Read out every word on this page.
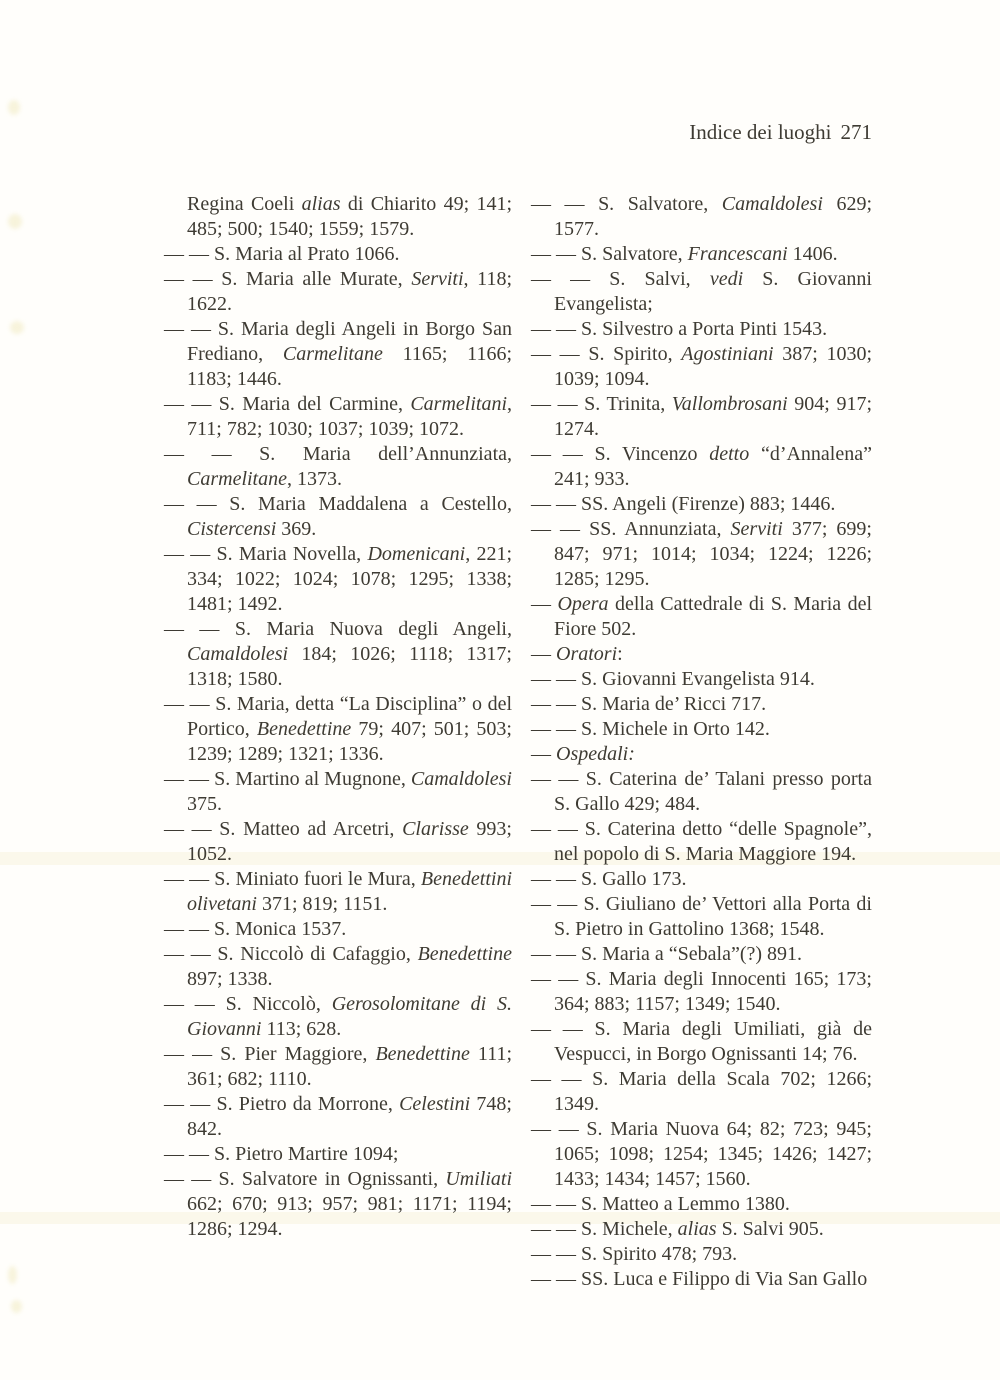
Indice dei luoghi 271

Regina Coeli alias di Chiarito 49; 141; 485; 500; 1540; 1559; 1579.

— — S. Maria al Prato 1066.

— — S. Maria alle Murate, Serviti, 118; 1622.

— — S. Maria degli Angeli in Borgo San Frediano, Carmelitane 1165; 1166; 1183; 1446.

— — S. Maria del Carmine, Carmelitani, 711; 782; 1030; 1037; 1039; 1072.

— — S. Maria dell’Annunziata, Carmelitane, 1373.

— — S. Maria Maddalena a Cestello, Cistercensi 369.

— — S. Maria Novella, Domenicani, 221; 334; 1022; 1024; 1078; 1295; 1338; 1481; 1492.

— — S. Maria Nuova degli Angeli, Camaldolesi 184; 1026; 1118; 1317; 1318; 1580.

— — S. Maria, detta “La Disciplina” o del Portico, Benedettine 79; 407; 501; 503; 1239; 1289; 1321; 1336.

— — S. Martino al Mugnone, Camaldolesi 375.

— — S. Matteo ad Arcetri, Clarisse 993; 1052.

— — S. Miniato fuori le Mura, Benedettini olivetani 371; 819; 1151.

— — S. Monica 1537.

— — S. Niccolò di Cafaggio, Benedettine 897; 1338.

— — S. Niccolò, Gerosolomitane di S. Giovanni 113; 628.

— — S. Pier Maggiore, Benedettine 111; 361; 682; 1110.

— — S. Pietro da Morrone, Celestini 748; 842.

— — S. Pietro Martire 1094;

— — S. Salvatore in Ognissanti, Umiliati 662; 670; 913; 957; 981; 1171; 1194; 1286; 1294.

— — S. Salvatore, Camaldolesi 629; 1577.

— — S. Salvatore, Francescani 1406.

— — S. Salvi, vedi S. Giovanni Evangelista;

— — S. Silvestro a Porta Pinti 1543.

— — S. Spirito, Agostiniani 387; 1030; 1039; 1094.

— — S. Trinita, Vallombrosani 904; 917; 1274.

— — S. Vincenzo detto “d’Annalena” 241; 933.

— — SS. Angeli (Firenze) 883; 1446.

— — SS. Annunziata, Serviti 377; 699; 847; 971; 1014; 1034; 1224; 1226; 1285; 1295.

— Opera della Cattedrale di S. Maria del Fiore 502.

— Oratori:

— — S. Giovanni Evangelista 914.

— — S. Maria de’ Ricci 717.

— — S. Michele in Orto 142.

— Ospedali:

— — S. Caterina de’ Talani presso porta S. Gallo 429; 484.

— — S. Caterina detto “delle Spagnole”, nel popolo di S. Maria Maggiore 194.

— — S. Gallo 173.

— — S. Giuliano de’ Vettori alla Porta di S. Pietro in Gattolino 1368; 1548.

— — S. Maria a “Sebala”(?) 891.

— — S. Maria degli Innocenti 165; 173; 364; 883; 1157; 1349; 1540.

— — S. Maria degli Umiliati, già de Vespucci, in Borgo Ognissanti 14; 76.

— — S. Maria della Scala 702; 1266; 1349.

— — S. Maria Nuova 64; 82; 723; 945; 1065; 1098; 1254; 1345; 1426; 1427; 1433; 1434; 1457; 1560.

— — S. Matteo a Lemmo 1380.

— — S. Michele, alias S. Salvi 905.

— — S. Spirito 478; 793.

— — SS. Luca e Filippo di Via San Gallo
